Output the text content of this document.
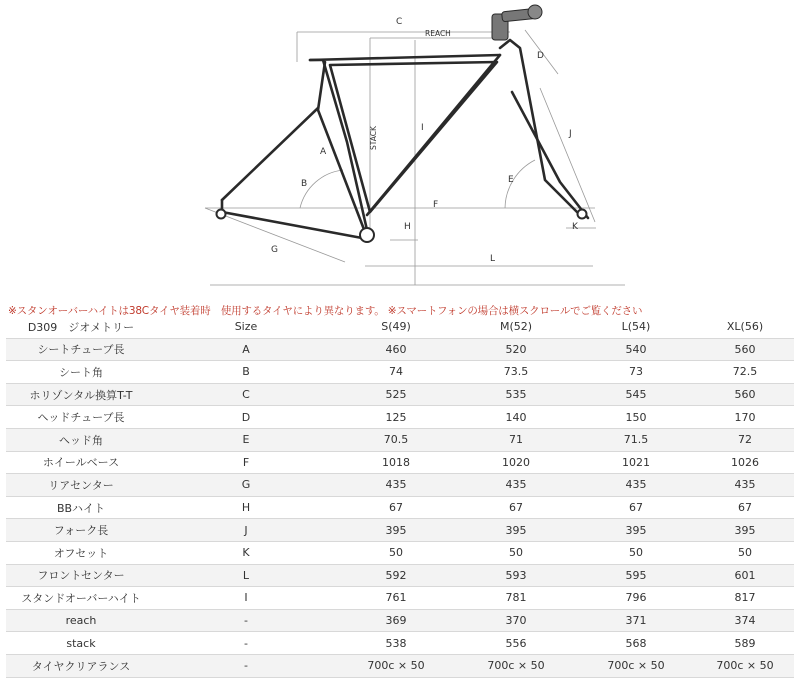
C
REACH
D
STACK	I
A
J
B	E
F
H	K
G
L
※スタンオーバーハイトは38Cタイヤ装着時　使用するタイヤにより異なります。 ※スマートフォンの場合は横スクロールでご覧ください
D309　ジオメトリー	Size	S(49)	M(52)	L(54)	XL(56)
シートチューブ長	A	460	520	540	560
シート角	B	74	73.5	73	72.5
ホリゾンタル換算T-T	C	525	535	545	560
ヘッドチューブ長	D	125	140	150	170
ヘッド角	E	70.5	71	71.5	72
ホイールベース	F	1018	1020	1021	1026
リアセンター	G	435	435	435	435
BBハイト	H	67	67	67	67
フォーク長	J	395	395	395	395
オフセット	K	50	50	50	50
フロントセンター	L	592	593	595	601
スタンドオーバーハイト	I	761	781	796	817
reach	-	369	370	371	374
stack	-	538	556	568	589
タイヤクリアランス	-	700c × 50	700c × 50	700c × 50	700c × 50
